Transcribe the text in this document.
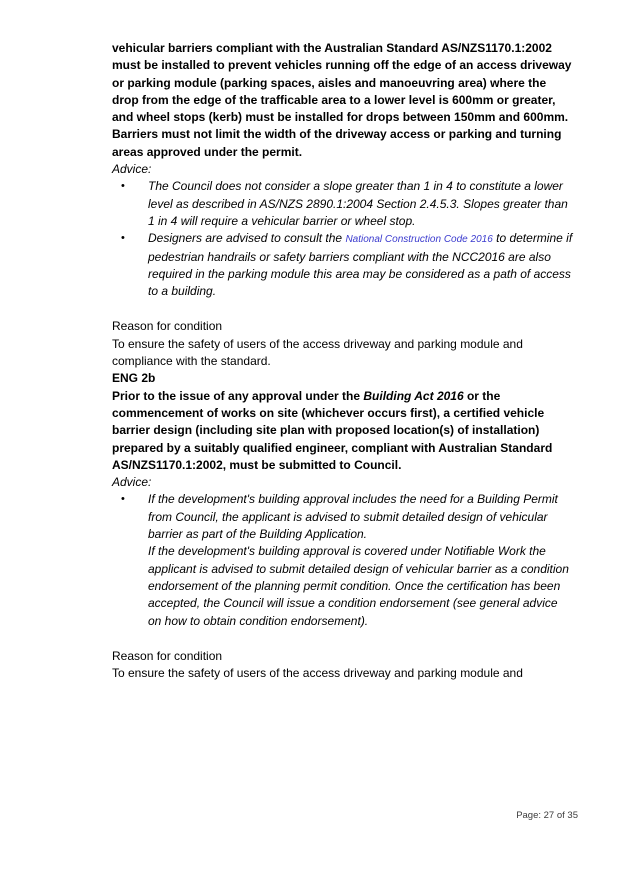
vehicular barriers compliant with the Australian Standard AS/NZS1170.1:2002 must be installed to prevent vehicles running off the edge of an access driveway or parking module (parking spaces, aisles and manoeuvring area) where the drop from the edge of the trafficable area to a lower level is 600mm or greater, and wheel stops (kerb) must be installed for drops between 150mm and 600mm. Barriers must not limit the width of the driveway access or parking and turning areas approved under the permit.

Advice:

•	The Council does not consider a slope greater than 1 in 4 to constitute a lower level as described in AS/NZS 2890.1:2004 Section 2.4.5.3. Slopes greater than 1 in 4 will require a vehicular barrier or wheel stop.
•	Designers are advised to consult the National Construction Code 2016 to determine if pedestrian handrails or safety barriers compliant with the NCC2016 are also required in the parking module this area may be considered as a path of access to a building.

Reason for condition

To ensure the safety of users of the access driveway and parking module and compliance with the standard.

ENG 2b

Prior to the issue of any approval under the Building Act 2016 or the commencement of works on site (whichever occurs first), a certified vehicle barrier design (including site plan with proposed location(s) of installation) prepared by a suitably qualified engineer, compliant with Australian Standard AS/NZS1170.1:2002, must be submitted to Council.

Advice:

•	If the development's building approval includes the need for a Building Permit from Council, the applicant is advised to submit detailed design of vehicular barrier as part of the Building Application.

If the development's building approval is covered under Notifiable Work the applicant is advised to submit detailed design of vehicular barrier as a condition endorsement of the planning permit condition. Once the certification has been accepted, the Council will issue a condition endorsement (see general advice on how to obtain condition endorsement).

Reason for condition

To ensure the safety of users of the access driveway and parking module and

Page: 27 of 35
